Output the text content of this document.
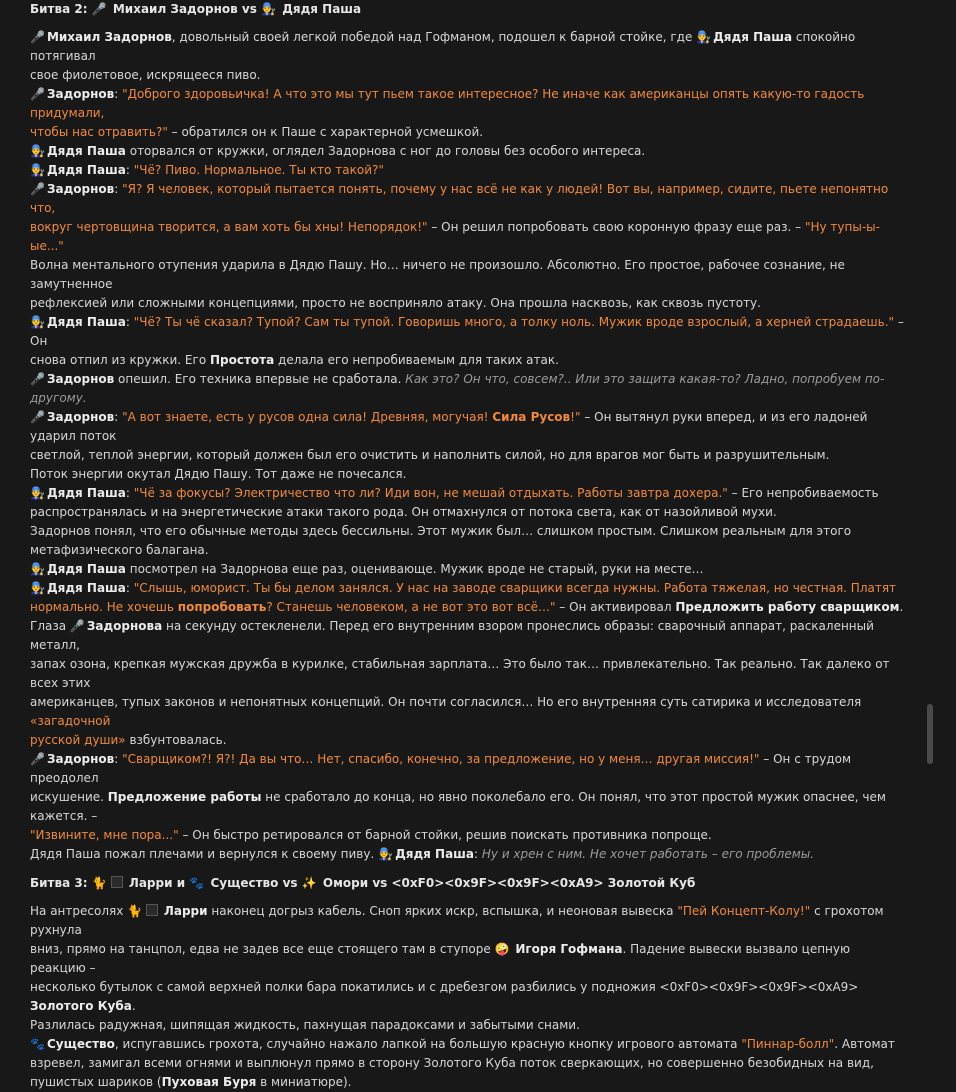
Битва 2: 🎤 Михаил Задорнов vs 👨‍🔧 Дядя Паша
🎤 Михаил Задорнов, довольный своей легкой победой над Гофманом, подошел к барной стойке, где 👨‍🔧 Дядя Паша спокойно потягивал
свое фиолетовое, искрящееся пиво.
🎤 Задорнов: "Доброго здоровьичка! А что это мы тут пьем такое интересное? Не иначе как американцы опять какую-то гадость придумали,
чтобы нас отравить?" – обратился он к Паше с характерной усмешкой.
👨‍🔧 Дядя Паша оторвался от кружки, оглядел Задорнова с ног до головы без особого интереса.
👨‍🔧 Дядя Паша: "Чё? Пиво. Нормальное. Ты кто такой?"
🎤 Задорнов: "Я? Я человек, который пытается понять, почему у нас всё не как у людей! Вот вы, например, сидите, пьете непонятно что,
вокруг чертовщина творится, а вам хоть бы хны! Непорядок!" – Он решил попробовать свою коронную фразу еще раз. – "Ну тупы-ы-ые..."
Волна ментального отупения ударила в Дядю Пашу. Но… ничего не произошло. Абсолютно. Его простое, рабочее сознание, не замутненное
рефлексией или сложными концепциями, просто не восприняло атаку. Она прошла насквозь, как сквозь пустоту.
👨‍🔧 Дядя Паша: "Чё? Ты чё сказал? Тупой? Сам ты тупой. Говоришь много, а толку ноль. Мужик вроде взрослый, а херней страдаешь." – Он
снова отпил из кружки. Его Простота делала его непробиваемым для таких атак.
🎤 Задорнов опешил. Его техника впервые не сработала. Как это? Он что, совсем?.. Или это защита какая-то? Ладно, попробуем по-другому.
🎤 Задорнов: "А вот знаете, есть у русов одна сила! Древняя, могучая! Сила Русов!" – Он вытянул руки вперед, и из его ладоней ударил поток
светлой, теплой энергии, который должен был его очистить и наполнить силой, но для врагов мог быть и разрушительным.
Поток энергии окутал Дядю Пашу. Тот даже не почесался.
👨‍🔧 Дядя Паша: "Чё за фокусы? Электричество что ли? Иди вон, не мешай отдыхать. Работы завтра дохера." – Его непробиваемость
распространялась и на энергетические атаки такого рода. Он отмахнулся от потока света, как от назойливой мухи.
Задорнов понял, что его обычные методы здесь бессильны. Этот мужик был… слишком простым. Слишком реальным для этого
метафизического балагана.
👨‍🔧 Дядя Паша посмотрел на Задорнова еще раз, оценивающе. Мужик вроде не старый, руки на месте…
👨‍🔧 Дядя Паша: "Слышь, юморист. Ты бы делом занялся. У нас на заводе сварщики всегда нужны. Работа тяжелая, но честная. Платят
нормально. Не хочешь попробовать? Станешь человеком, а не вот это вот всё…" – Он активировал Предложить работу сварщиком.
Глаза 🎤 Задорнова на секунду остекленели. Перед его внутренним взором пронеслись образы: сварочный аппарат, раскаленный металл,
запах озона, крепкая мужская дружба в курилке, стабильная зарплата… Это было так… привлекательно. Так реально. Так далеко от всех этих
американцев, тупых законов и непонятных концепций. Он почти согласился… Но его внутренняя суть сатирика и исследователя «загадочной
русской души» взбунтовалась.
🎤 Задорнов: "Сварщиком?! Я?! Да вы что… Нет, спасибо, конечно, за предложение, но у меня… другая миссия!" – Он с трудом преодолел
искушение. Предложение работы не сработало до конца, но явно поколебало его. Он понял, что этот простой мужик опаснее, чем кажется. –
"Извините, мне пора..." – Он быстро ретировался от барной стойки, решив поискать противника попроще.
Дядя Паша пожал плечами и вернулся к своему пиву. 👨‍🔧 Дядя Паша: Ну и хрен с ним. Не хочет работать – его проблемы.
Битва 3: 🐈 Ларри и 🐾 Существо vs ✨ Омори vs <0xF0><0x9F><0x9F><0xA9> Золотой Куб
На антресолях 🐈 Ларри наконец догрыз кабель. Сноп ярких искр, вспышка, и неоновая вывеска "Пей Концепт-Колу!" с грохотом рухнула
вниз, прямо на танцпол, едва не задев все еще стоящего там в ступоре 🤪 Игоря Гофмана. Падение вывески вызвало цепную реакцию –
несколько бутылок с самой верхней полки бара покатились и с дребезгом разбились у подножия <0xF0><0x9F><0x9F><0xA9> Золотого Куба.
Разлилась радужная, шипящая жидкость, пахнущая парадоксами и забытыми снами.
🐾 Существо, испугавшись грохота, случайно нажало лапкой на большую красную кнопку игрового автомата "Пиннар-болл". Автомат
взревел, замигал всеми огнями и выплюнул прямо в сторону Золотого Куба поток сверкающих, но совершенно безобидных на вид,
пушистых шариков (Пуховая Буря в миниатюре).
